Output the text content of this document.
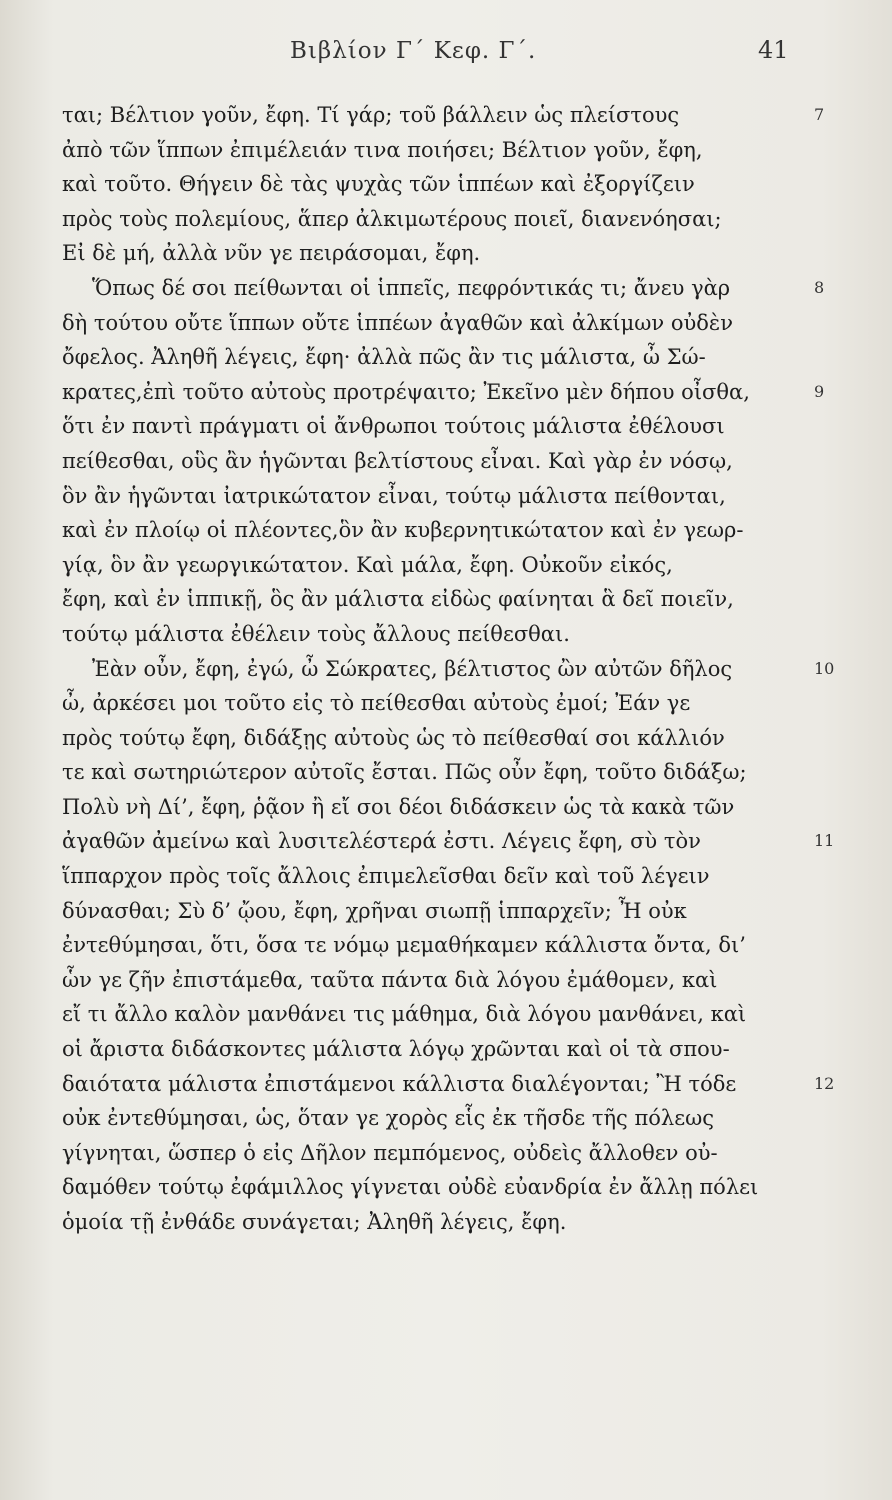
Βιβλίον Γ΄ Κεφ. Γ΄.	41
ται; Βέλτιον γοῦν, ἔφη. Τί γάρ; τοῦ βάλλειν ὡς πλείστους	7
ἀπὸ τῶν ἵππων ἐπιμέλειάν τινα ποιήσει; Βέλτιον γοῦν, ἔφη,
καὶ τοῦτο. Θήγειν δὲ τὰς ψυχὰς τῶν ἱππέων καὶ ἐξοργίζειν
πρὸς τοὺς πολεμίους, ἅπερ ἀλκιμωτέρους ποιεῖ, διανενόησαι;
Εἰ δὲ μή, ἀλλὰ νῦν γε πειράσομαι, ἔφη.
Ὅπως δέ σοι πείθωνται οἱ ἱππεῖς, πεφρόντικάς τι; ἄνευ γὰρ	8
δὴ τούτου οὔτε ἵππων οὔτε ἱππέων ἀγαθῶν καὶ ἀλκίμων οὐδὲν
ὄφελος. Ἀληθῆ λέγεις, ἔφη· ἀλλὰ πῶς ἂν τις μάλιστα, ὦ Σώ-
κρατες,ἐπὶ τοῦτο αὐτοὺς προτρέψαιτο; Ἐκεῖνο μὲν δήπου οἶσθα,	9
ὅτι ἐν παντὶ πράγματι οἱ ἄνθρωποι τούτοις μάλιστα ἐθέλουσι
πείθεσθαι, οὓς ἂν ἡγῶνται βελτίστους εἶναι. Καὶ γὰρ ἐν νόσῳ,
ὃν ἂν ἡγῶνται ἰατρικώτατον εἶναι, τούτῳ μάλιστα πείθονται,
καὶ ἐν πλοίῳ οἱ πλέοντες,ὃν ἂν κυβερνητικώτατον καὶ ἐν γεωρ-
γίᾳ, ὃν ἂν γεωργικώτατον. Καὶ μάλα, ἔφη. Οὐκοῦν εἰκός,
ἔφη, καὶ ἐν ἱππικῇ, ὃς ἂν μάλιστα εἰδὼς φαίνηται ἃ δεῖ ποιεῖν,
τούτῳ μάλιστα ἐθέλειν τοὺς ἄλλους πείθεσθαι.
Ἐὰν οὖν, ἔφη, ἐγώ, ὦ Σώκρατες, βέλτιστος ὢν αὐτῶν δῆλος	10
ὦ, ἀρκέσει μοι τοῦτο εἰς τὸ πείθεσθαι αὐτοὺς ἐμοί; Ἐάν γε
πρὸς τούτῳ ἔφη, διδάξῃς αὐτοὺς ὡς τὸ πείθεσθαί σοι κάλλιόν
τε καὶ σωτηριώτερον αὐτοῖς ἔσται. Πῶς οὖν ἔφη, τοῦτο διδάξω;
Πολὺ νὴ Δί’, ἔφη, ῥᾷον ἢ εἴ σοι δέοι διδάσκειν ὡς τὰ κακὰ τῶν
ἀγαθῶν ἀμείνω καὶ λυσιτελέστερά ἐστι. Λέγεις ἔφη, σὺ τὸν	11
ἵππαρχον πρὸς τοῖς ἄλλοις ἐπιμελεῖσθαι δεῖν καὶ τοῦ λέγειν
δύνασθαι; Σὺ δ’ ᾤου, ἔφη, χρῆναι σιωπῇ ἱππαρχεῖν; Ἦ οὐκ
ἐντεθύμησαι, ὅτι, ὅσα τε νόμῳ μεμαθήκαμεν κάλλιστα ὄντα, δι’
ὧν γε ζῆν ἐπιστάμεθα, ταῦτα πάντα διὰ λόγου ἐμάθομεν, καὶ
εἴ τι ἄλλο καλὸν μανθάνει τις μάθημα, διὰ λόγου μανθάνει, καὶ
οἱ ἄριστα διδάσκοντες μάλιστα λόγῳ χρῶνται καὶ οἱ τὰ σπου-
δαιότατα μάλιστα ἐπιστάμενοι κάλλιστα διαλέγονται; Ἢ τόδε	12
οὐκ ἐντεθύμησαι, ὡς, ὅταν γε χορὸς εἷς ἐκ τῆσδε τῆς πόλεως
γίγνηται, ὥσπερ ὁ εἰς Δῆλον πεμπόμενος, οὐδεὶς ἄλλοθεν οὐ-
δαμόθεν τούτῳ ἐφάμιλλος γίγνεται οὐδὲ εὐανδρία ἐν ἄλλῃ πόλει
ὁμοία τῇ ἐνθάδε συνάγεται; Ἀληθῆ λέγεις, ἔφη.
